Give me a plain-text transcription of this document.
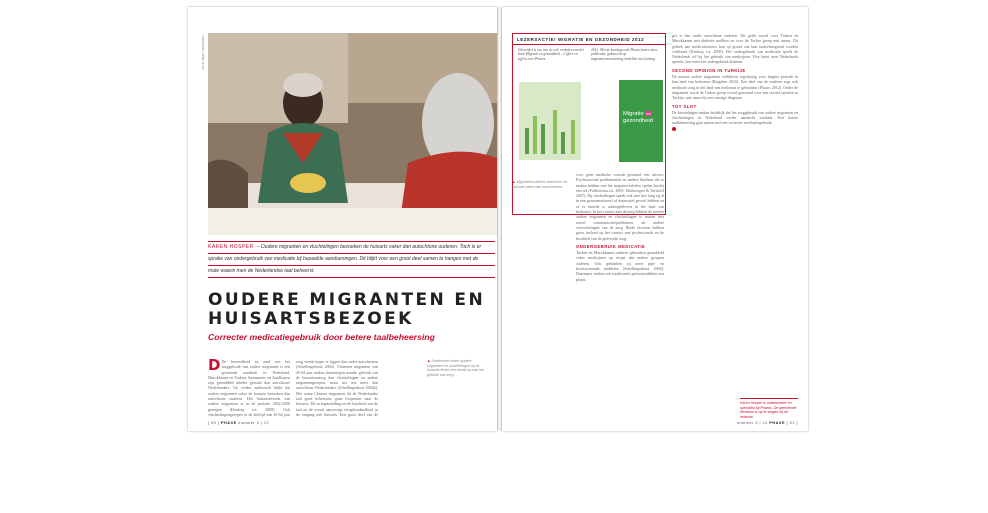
FOTO: BERT VERHOEFF
KAREN HOSPER – Oudere migranten en vluchtelingen bezoeken de huisarts vaker dan autochtone ouderen. Toch is er
sprake van ondergebruik van medicatie bij bepaalde aandoeningen. Dit blijkt voor een groot deel samen te hangen met de
mate waarin men de Nederlandse taal beheerst.
OUDERE MIGRANTEN EN
HUISARTSBEZOEK
Correcter medicatiegebruik door betere taalbeheersing
D De hoeveelheid en aard van het zorggebruik van oudere migranten is een groeiende aandacht in Nederland. Marokkanen en Turken, Surinamers en Antillianen zijn gemiddeld minder gezond dan autochtone Nederlanders. Uit eerder onderzoek blijkt dat oudere migranten vaker de huisarts bezoeken dan autochtone ouderen. Het huisartsbezoek van oudere migranten is in de periode 2002-2006 gestegen (Denktaş e.a. 2009). Ook vluchtelingengroepen in de leeftijd van 45-64 jaar
zorg steeds hoger te liggen dan onder autochtonen (Schellingerhout 2004). Chinezen migranten van 45-64 jaar maken daarentegen minder gebruik van de huisartsenzorg dan vluchtelingen en andere migrantengroepen, maar net iets meer dan autochtone Nederlanders (Schellingerhout 2004b). Met name Chinese migranten dit de Nederlandse taal goed beheersen, gaan frequenter naar de huisarts. Dit in tegenstelling tot de lokaliteit van de taal en de overal aanwezige terughoudendheid in de omgang met huisarts. Een groot deel van de
▲ Onderzoek onder oudere migranten en vluchtelingen bij de huisarts levert een beeld op van het gebruik van zorg.
[ 60 ] PHAXE nummer 3 | 12
LEZERSACTIE! MIGRATIE EN GEZONDHEID 2012
Dit artikel is een van de vele verhalen van het boek Migratie en gezondheid – Cijfers en zijfers over Pharos.
2012. Met de kortingscode Pharos kunt u deze publicatie, gebaseerd op migrantenvoorziening, bestellen met korting.
Migratie en
gezondheid
▲ Migrantenouderen bezoeken de huisarts vaker dan autochtonen.
voor geen medische consult gestuurd een uitvoer. Psychosociale problematiek en andere klachten die te maken hebben met het migratieverleden spelen hierbij een rol (Folkertsma e.a. 2005; Dekkersgen & Verhoeff 2007). Bij vluchtelingen speelt ook mee hoe lang zij al in een getraumatiseerd of depressief gevoel hebben en of er familie is achtergebleven in het land van herkomst. In het contact met de zorg hebben de meeste oudere migranten en vluchtelingen te maken met zowel communicatieproblemen als andere verwachtingen van de zorg. Beide factoren hebben grote invloed op het contact met professionals en de kwaliteit van de geleverde zorg.
ONDERGEBRUIK MEDICATIE
Turken en Marokkanen ouderen gebruiken gemiddeld vaker medicijnen op recept dan andere groepen ouderen. Ook gebruiken zij meer pijn- en koortswerende middelen (Schellingerhout 2004). Daarnaast vinden ook traditionele geneesmiddelen een plaats.
ger is dan onder autochtone ouderen. Dit geldt vooral voor Turken en Marokkanen met diabetes mellitus en voor de Turkse groep met astma. Dit gebrek aan medicatietrouw kan op grond van hun taalachtergrond worden verklaard (Denktaş e.a. 2009). Het ondergebruik van medicatie speelt de Nederlands rol bij het gebruik van medicijnen. Hoe beter men Nederlands spreekt, hoe meer het ondergebruik afneemt.
SECOND OPINION IN TURKIJE
De meeste oudere migranten verblijven regelmatig voor langere periode in hun land van herkomst (Ratgeber 2010). Een deel van de ouderen zegt ook medische zorg in het land van herkomst te gebruiken (Pharos 2012). Onder de migranten wordt de Turkse groep vooral genoemd voor een second opinion in Turkije, met name bij een ernstige diagnose.
TOT SLOT
De bevindingen maken duidelijk dat het zorggebruik van oudere migranten en vluchtelingen in Nederland verder aandacht verdient. Een betere taalbeheersing gaat samen met een correcter medicatiegebruik.
Karen Hosper is onderzoeker en specialist bij Pharos. De genoemde literatuur is op te vragen bij de redactie.
nummer 3 | 12 PHAXE [ 61 ]
